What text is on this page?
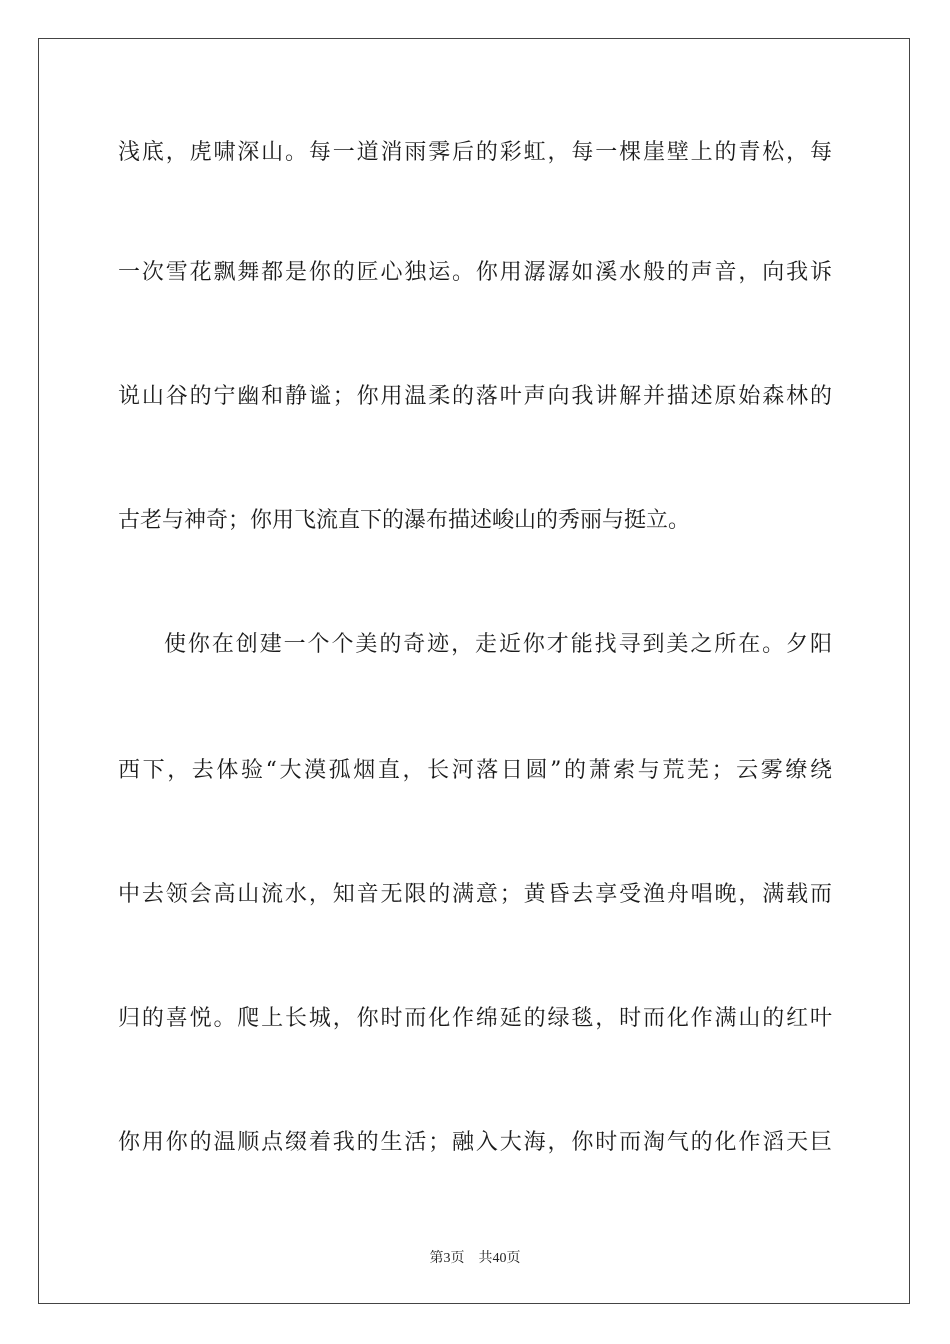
浅底，虎啸深山。每一道消雨霁后的彩虹，每一棵崖壁上的青松，每
一次雪花飘舞都是你的匠心独运。你用潺潺如溪水般的声音，向我诉
说山谷的宁幽和静谧；你用温柔的落叶声向我讲解并描述原始森林的
古老与神奇；你用飞流直下的瀑布描述峻山的秀丽与挺立。
使你在创建一个个美的奇迹，走近你才能找寻到美之所在。夕阳
西下，去体验“大漠孤烟直，长河落日圆”的萧索与荒芜；云雾缭绕
中去领会高山流水，知音无限的满意；黄昏去享受渔舟唱晚，满载而
归的喜悦。爬上长城，你时而化作绵延的绿毯，时而化作满山的红叶
你用你的温顺点缀着我的生活；融入大海，你时而淘气的化作滔天巨
第3页 共40页
